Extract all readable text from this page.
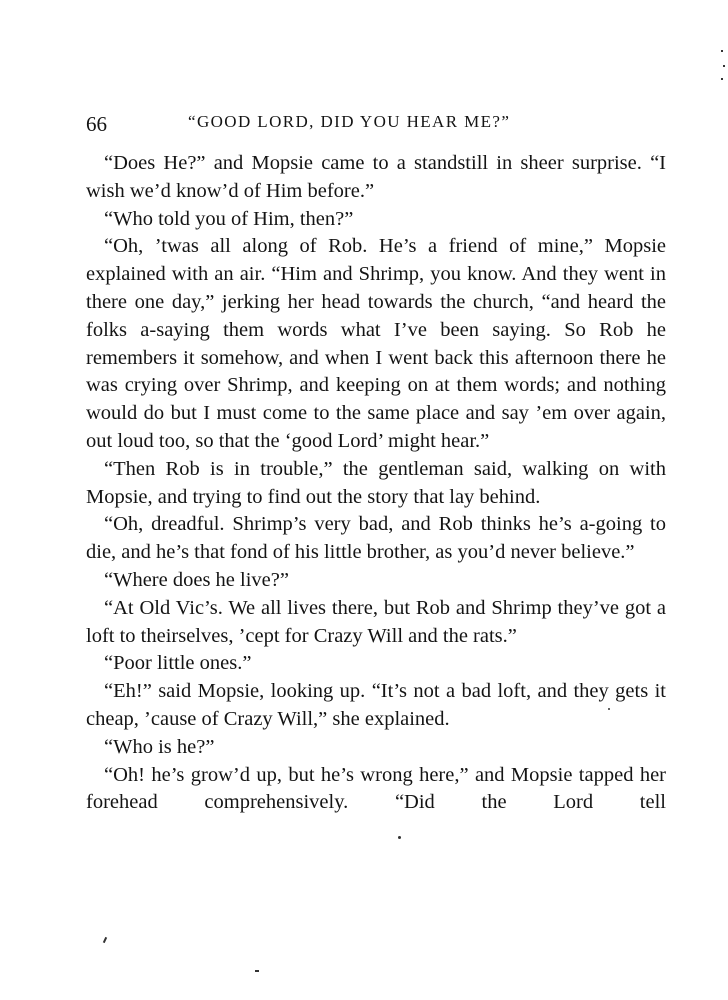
66	“GOOD LORD, DID YOU HEAR ME?”

“Does He?” and Mopsie came to a standstill in sheer surprise. “I wish we’d know’d of Him before.”

“Who told you of Him, then?”

“Oh, ’twas all along of Rob. He’s a friend of mine,” Mopsie explained with an air. “Him and Shrimp, you know. And they went in there one day,” jerking her head towards the church, “and heard the folks a-saying them words what I’ve been saying. So Rob he remembers it somehow, and when I went back this afternoon there he was crying over Shrimp, and keeping on at them words; and nothing would do but I must come to the same place and say ’em over again, out loud too, so that the ‘good Lord’ might hear.”

“Then Rob is in trouble,” the gentleman said, walking on with Mopsie, and trying to find out the story that lay behind.

“Oh, dreadful. Shrimp’s very bad, and Rob thinks he’s a-going to die, and he’s that fond of his little brother, as you’d never believe.”

“Where does he live?”

“At Old Vic’s. We all lives there, but Rob and Shrimp they’ve got a loft to theirselves, ’cept for Crazy Will and the rats.”

“Poor little ones.”

“Eh!” said Mopsie, looking up. “It’s not a bad loft, and they gets it cheap, ’cause of Crazy Will,” she explained.

“Who is he?”

“Oh! he’s grow’d up, but he’s wrong here,” and Mopsie tapped her forehead comprehensively. “Did the Lord tell
